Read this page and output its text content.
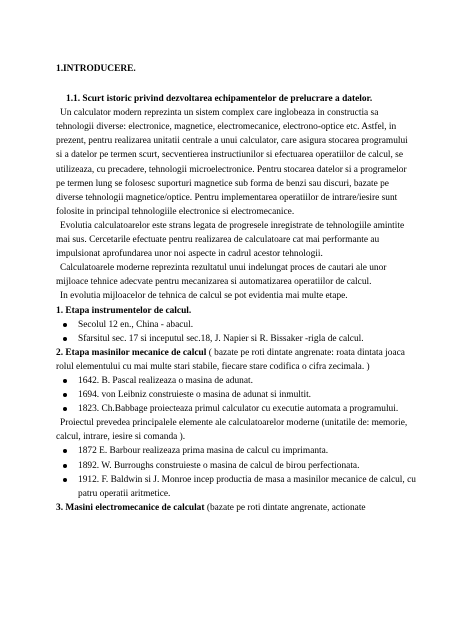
1.INTRODUCERE.

1.1. Scurt istoric privind dezvoltarea echipamentelor de prelucrare a datelor.

Un calculator modern reprezinta un sistem complex care inglobeaza in constructia sa tehnologii diverse: electronice, magnetice, electromecanice, electrono-optice etc. Astfel, in prezent, pentru realizarea unitatii centrale a unui calculator, care asigura stocarea programului si a datelor pe termen scurt, secventierea instructiunilor si efectuarea operatiilor de calcul, se utilizeaza, cu precadere, tehnologii microelectronice. Pentru stocarea datelor si a programelor pe termen lung se folosesc suporturi magnetice sub forma de benzi sau discuri, bazate pe diverse tehnologii magnetice/optice. Pentru implementarea operatiilor de intrare/iesire sunt folosite in principal tehnologiile electronice si electromecanice.

Evolutia calculatoarelor este strans legata de progresele inregistrate de tehnologiile amintite mai sus. Cercetarile efectuate pentru realizarea de calculatoare cat mai performante au impulsionat aprofundarea unor noi aspecte in cadrul acestor tehnologii.

Calculatoarele moderne reprezinta rezultatul unui indelungat proces de cautari ale unor mijloace tehnice adecvate pentru mecanizarea si automatizarea operatiilor de calcul.

In evolutia mijloacelor de tehnica de calcul se pot evidentia mai multe etape.

1. Etapa instrumentelor de calcul.

Secolul 12 en., China - abacul.

Sfarsitul sec. 17 si inceputul sec.18, J. Napier si R. Bissaker -rigla de calcul.

2. Etapa masinilor mecanice de calcul ( bazate pe roti dintate angrenate: roata dintata joaca rolul elementului cu mai multe stari stabile, fiecare stare codifica o cifra zecimala. )

1642. B. Pascal realizeaza o masina de adunat.

1694. von Leibniz construieste o masina de adunat si inmultit.

1823. Ch.Babbage proiecteaza primul calculator cu executie automata a programului.

Proiectul prevedea principalele elemente ale calculatoarelor moderne (unitatile de: memorie, calcul, intrare, iesire si comanda ).

1872 E. Barbour realizeaza prima masina de calcul cu imprimanta.

1892. W. Burroughs construieste o masina de calcul de birou perfectionata.

1912. F. Baldwin si J. Monroe incep productia de masa a masinilor mecanice de calcul, cu patru operatii aritmetice.

3. Masini electromecanice de calculat (bazate pe roti dintate angrenate, actionate
